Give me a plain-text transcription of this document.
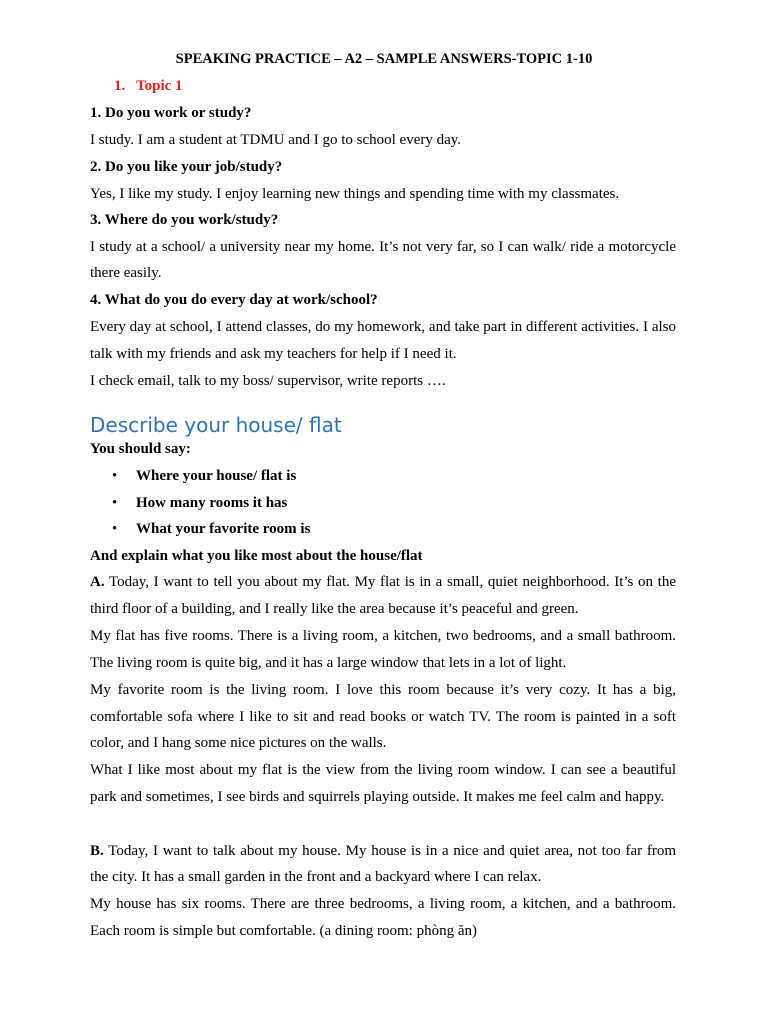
SPEAKING PRACTICE – A2 – SAMPLE ANSWERS-TOPIC 1-10
1. Topic 1
1. Do you work or study?
I study. I am a student at TDMU and I go to school every day.
2. Do you like your job/study?
Yes, I like my study. I enjoy learning new things and spending time with my classmates.
3. Where do you work/study?
I study at a school/ a university near my home. It’s not very far, so I can walk/ ride a motorcycle
there easily.
4. What do you do every day at work/school?
Every day at school, I attend classes, do my homework, and take part in different activities. I also
talk with my friends and ask my teachers for help if I need it.
I check email, talk to my boss/ supervisor, write reports ….
Describe your house/ flat
You should say:
• Where your house/ flat is
• How many rooms it has
• What your favorite room is
And explain what you like most about the house/flat
A. Today, I want to tell you about my flat. My flat is in a small, quiet neighborhood. It’s on the
third floor of a building, and I really like the area because it’s peaceful and green.
My flat has five rooms. There is a living room, a kitchen, two bedrooms, and a small bathroom.
The living room is quite big, and it has a large window that lets in a lot of light.
My favorite room is the living room. I love this room because it’s very cozy. It has a big,
comfortable sofa where I like to sit and read books or watch TV. The room is painted in a soft
color, and I hang some nice pictures on the walls.
What I like most about my flat is the view from the living room window. I can see a beautiful
park and sometimes, I see birds and squirrels playing outside. It makes me feel calm and happy.
B. Today, I want to talk about my house. My house is in a nice and quiet area, not too far from
the city. It has a small garden in the front and a backyard where I can relax.
My house has six rooms. There are three bedrooms, a living room, a kitchen, and a bathroom.
Each room is simple but comfortable. (a dining room: phòng ăn)
